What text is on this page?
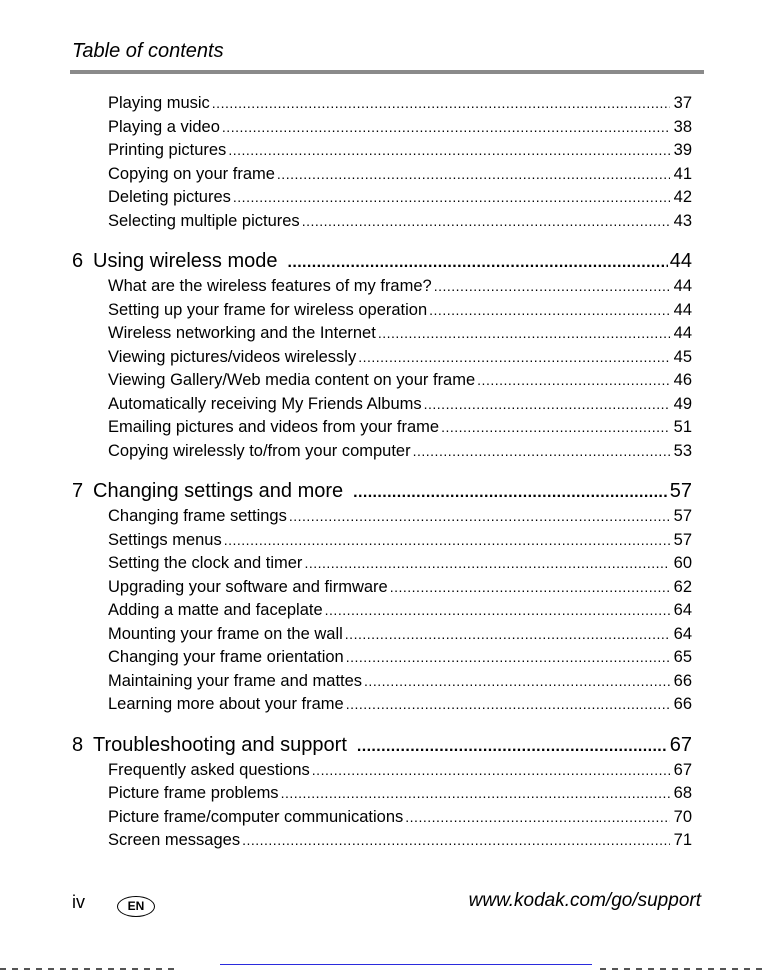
Table of contents
Playing music .....	37
Playing a video .....	38
Printing pictures .....	39
Copying on your frame .....	41
Deleting pictures .....	42
Selecting multiple pictures .....	43
6 Using wireless mode .....	44
What are the wireless features of my frame? .....	44
Setting up your frame for wireless operation .....	44
Wireless networking and the Internet .....	44
Viewing pictures/videos wirelessly .....	45
Viewing Gallery/Web media content on your frame .....	46
Automatically receiving My Friends Albums .....	49
Emailing pictures and videos from your frame .....	51
Copying wirelessly to/from your computer .....	53
7 Changing settings and more .....	57
Changing frame settings .....	57
Settings menus .....	57
Setting the clock and timer .....	60
Upgrading your software and firmware .....	62
Adding a matte and faceplate .....	64
Mounting your frame on the wall .....	64
Changing your frame orientation .....	65
Maintaining your frame and mattes .....	66
Learning more about your frame .....	66
8 Troubleshooting and support .....	67
Frequently asked questions .....	67
Picture frame problems .....	68
Picture frame/computer communications .....	70
Screen messages .....	71
iv	EN	www.kodak.com/go/support
